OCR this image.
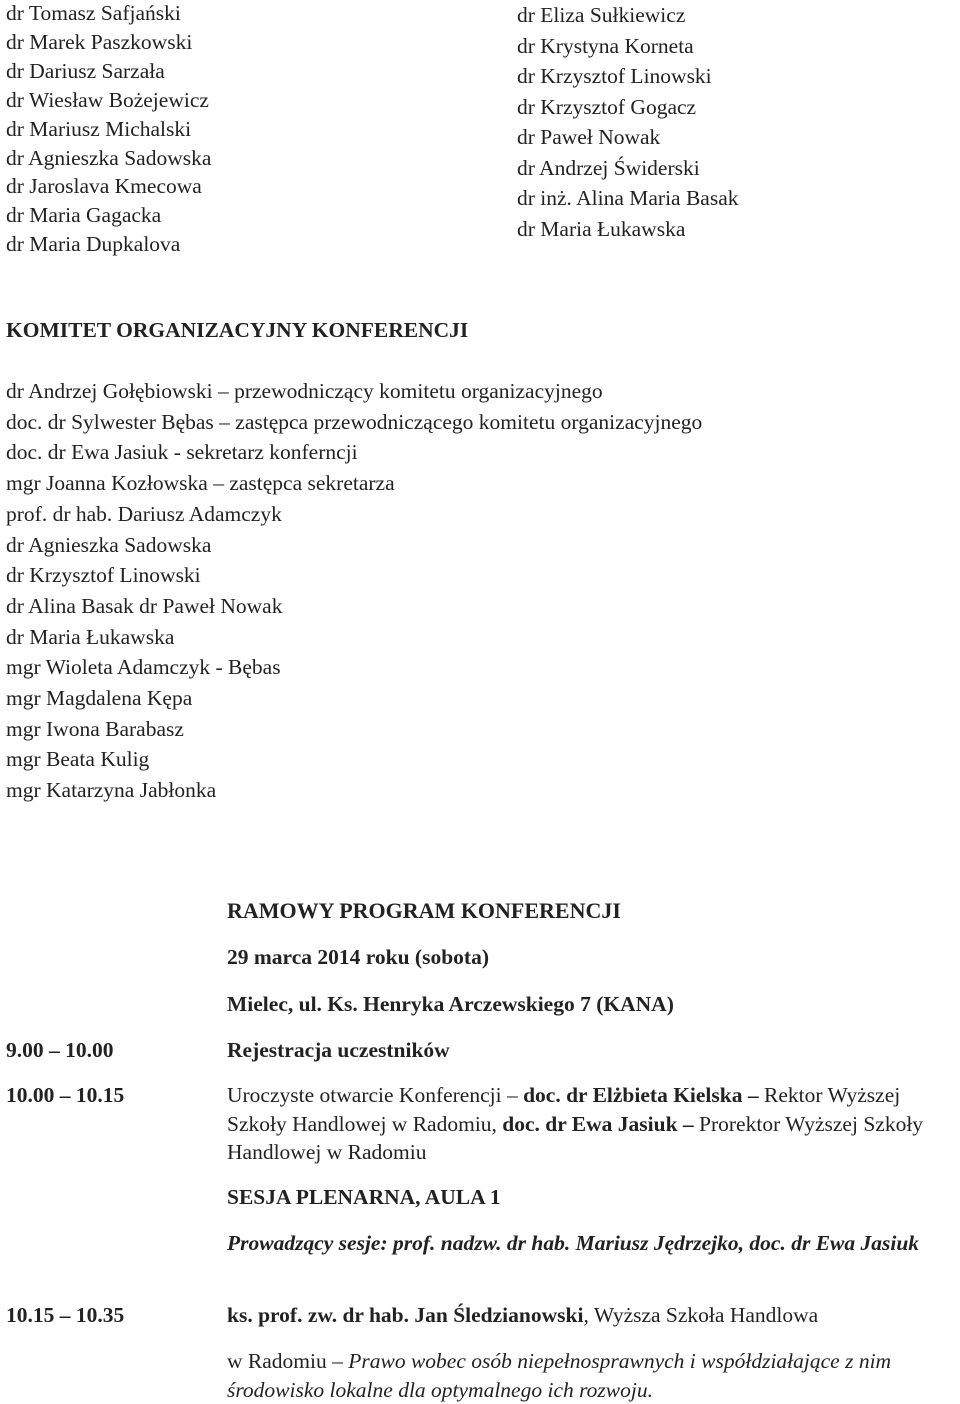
dr Tomasz Safjański
dr Marek Paszkowski
dr Dariusz Sarzała
dr Wiesław Bożejewicz
dr Mariusz Michalski
dr Agnieszka Sadowska
dr Jaroslava Kmecowa
dr Maria Gagacka
dr Maria Dupkalova
dr Eliza Sułkiewicz
dr Krystyna Korneta
dr Krzysztof Linowski
dr Krzysztof Gogacz
dr Paweł Nowak
dr Andrzej Świderski
dr inż. Alina Maria Basak
dr Maria Łukawska
KOMITET ORGANIZACYJNY KONFERENCJI
dr Andrzej Gołębiowski – przewodniczący komitetu organizacyjnego
doc. dr Sylwester Bębas – zastępca przewodniczącego komitetu organizacyjnego
doc. dr Ewa Jasiuk - sekretarz konferncji
mgr Joanna Kozłowska – zastępca sekretarza
prof. dr hab. Dariusz Adamczyk
dr Agnieszka Sadowska
dr Krzysztof Linowski
dr Alina Basak dr Paweł Nowak
dr Maria Łukawska
mgr Wioleta Adamczyk - Bębas
mgr Magdalena Kępa
mgr Iwona Barabasz
mgr Beata Kulig
mgr Katarzyna Jabłonka
RAMOWY PROGRAM KONFERENCJI
29 marca 2014 roku (sobota)
Mielec, ul. Ks. Henryka Arczewskiego 7 (KANA)
9.00 – 10.00	Rejestracja uczestników
10.00 – 10.15	Uroczyste otwarcie Konferencji – doc. dr Elżbieta Kielska – Rektor Wyższej Szkoły Handlowej w Radomiu, doc. dr Ewa Jasiuk – Prorektor Wyższej Szkoły Handlowej w Radomiu
SESJA PLENARNA, AULA 1
Prowadzący sesje: prof. nadzw. dr hab. Mariusz Jędrzejko, doc. dr Ewa Jasiuk
10.15 – 10.35	ks. prof. zw. dr hab. Jan Śledzianowski, Wyższa Szkoła Handlowa
w Radomiu – Prawo wobec osób niepełnosprawnych i współdziałające z nim środowisko lokalne dla optymalnego ich rozwoju.
